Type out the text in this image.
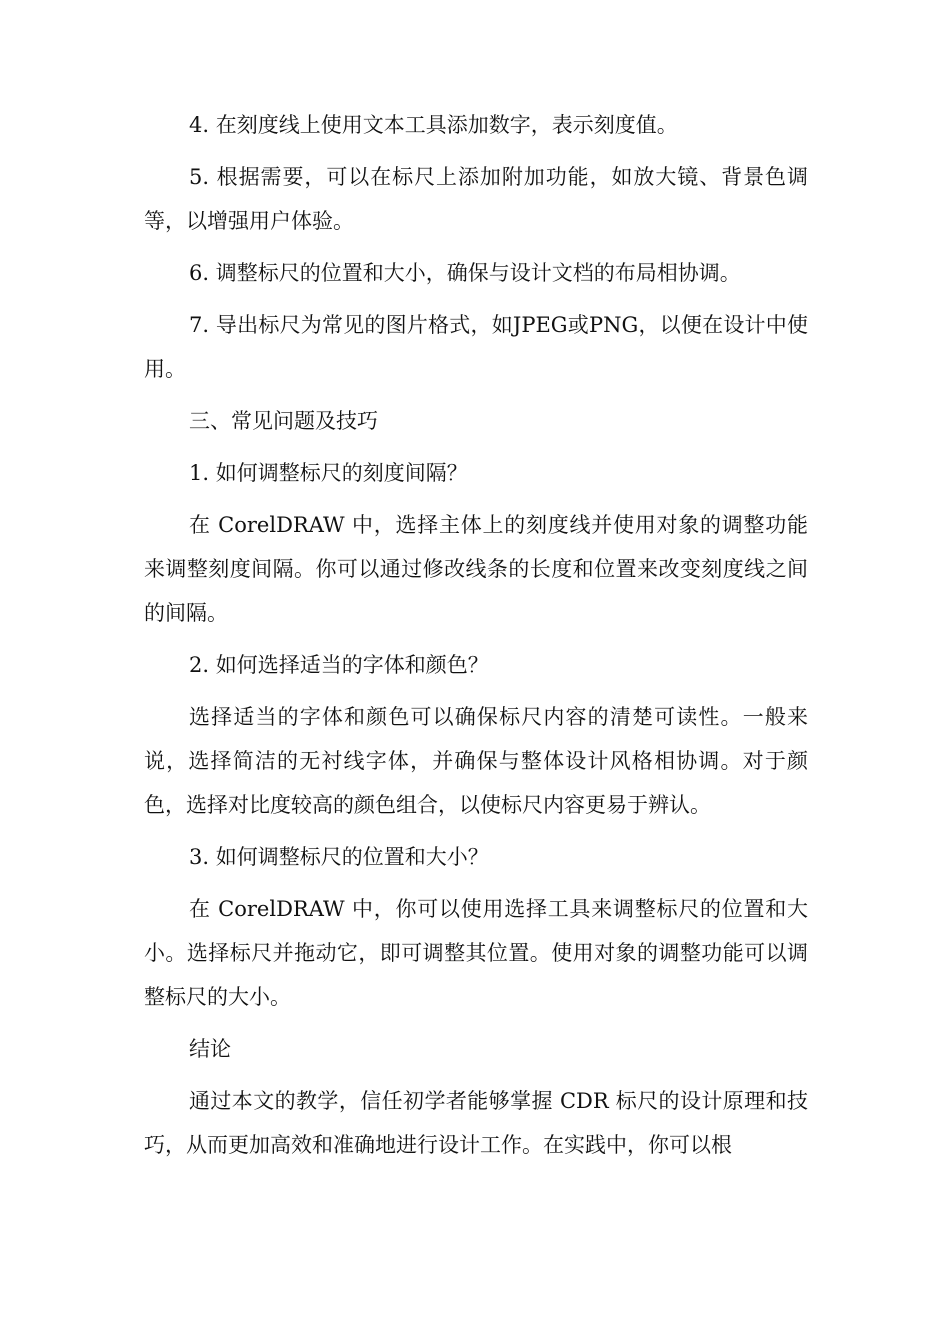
4. 在刻度线上使用文本工具添加数字，表示刻度值。

5. 根据需要，可以在标尺上添加附加功能，如放大镜、背景色调等，以增强用户体验。

6. 调整标尺的位置和大小，确保与设计文档的布局相协调。

7. 导出标尺为常见的图片格式，如JPEG或PNG，以便在设计中使用。

三、常见问题及技巧

1. 如何调整标尺的刻度间隔？

在 CorelDRAW 中，选择主体上的刻度线并使用对象的调整功能来调整刻度间隔。你可以通过修改线条的长度和位置来改变刻度线之间的间隔。

2. 如何选择适当的字体和颜色？

选择适当的字体和颜色可以确保标尺内容的清楚可读性。一般来说，选择简洁的无衬线字体，并确保与整体设计风格相协调。对于颜色，选择对比度较高的颜色组合，以使标尺内容更易于辨认。

3. 如何调整标尺的位置和大小？

在 CorelDRAW 中，你可以使用选择工具来调整标尺的位置和大小。选择标尺并拖动它，即可调整其位置。使用对象的调整功能可以调整标尺的大小。

结论

通过本文的教学，信任初学者能够掌握 CDR 标尺的设计原理和技巧，从而更加高效和准确地进行设计工作。在实践中，你可以根
